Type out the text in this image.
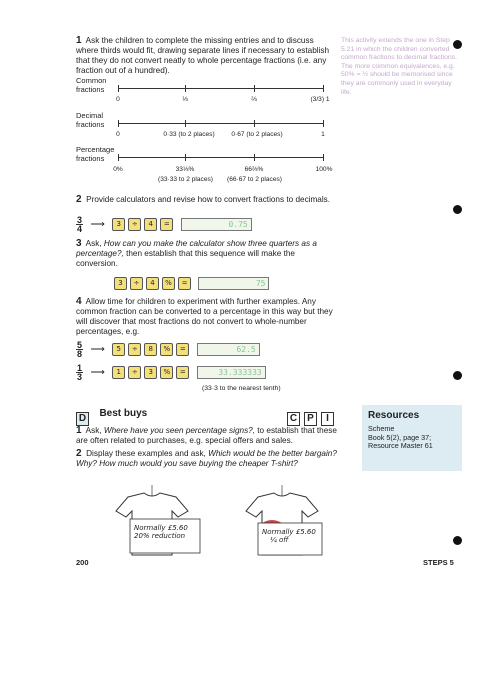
This activity extends the one in Step 5.21 in which the children converted common fractions to decimal fractions. The more common equivalences, e.g. 50% = ½ should be memorised since they are commonly used in everyday life.

1 Ask the children to complete the missing entries and to discuss where thirds would fit, drawing separate lines if necessary to establish that they do not convert neatly to whole percentage fractions (i.e. any fraction out of a hundred).

Common fractions
0	⅓	⅔	(3/3) 1
Decimal fractions
0	0·33 (to 2 places)	0·67 (to 2 places)	1
Percentage fractions
0%	33⅓%	66⅔%	100%
(33·33 to 2 places) (66·67 to 2 places)

2 Provide calculators and revise how to convert fractions to decimals.

$\frac{3}{4}$ ⟶ 3 ÷ 4 =	0.75

3 Ask, How can you make the calculator show three quarters as a percentage?, then establish that this sequence will make the conversion.

3 ÷ 4 % =	75

4 Allow time for children to experiment with further examples. Any common fraction can be converted to a percentage in this way but they will discover that most fractions do not convert to whole-number percentages, e.g.

$\frac{5}{8}$ ⟶ 5 ÷ 8 % =	62.5
$\frac{1}{3}$ ⟶ 1 ÷ 3 % =	33.333333
(33·3 to the nearest tenth)
D $^{Best buys}$	C P I

1 Ask, Where have you seen percentage signs?, to establish that these are often related to purchases, e.g. special offers and sales.

2 Display these examples and ask, Which would be the better bargain? Why? How much would you save buying the cheaper T-shirt?

Resources
Scheme
Book 5(2), page 37;
Resource Master 61
Normally £5.60
20% reduction	Normally £5.60
¼ off
200	STEPS 5
